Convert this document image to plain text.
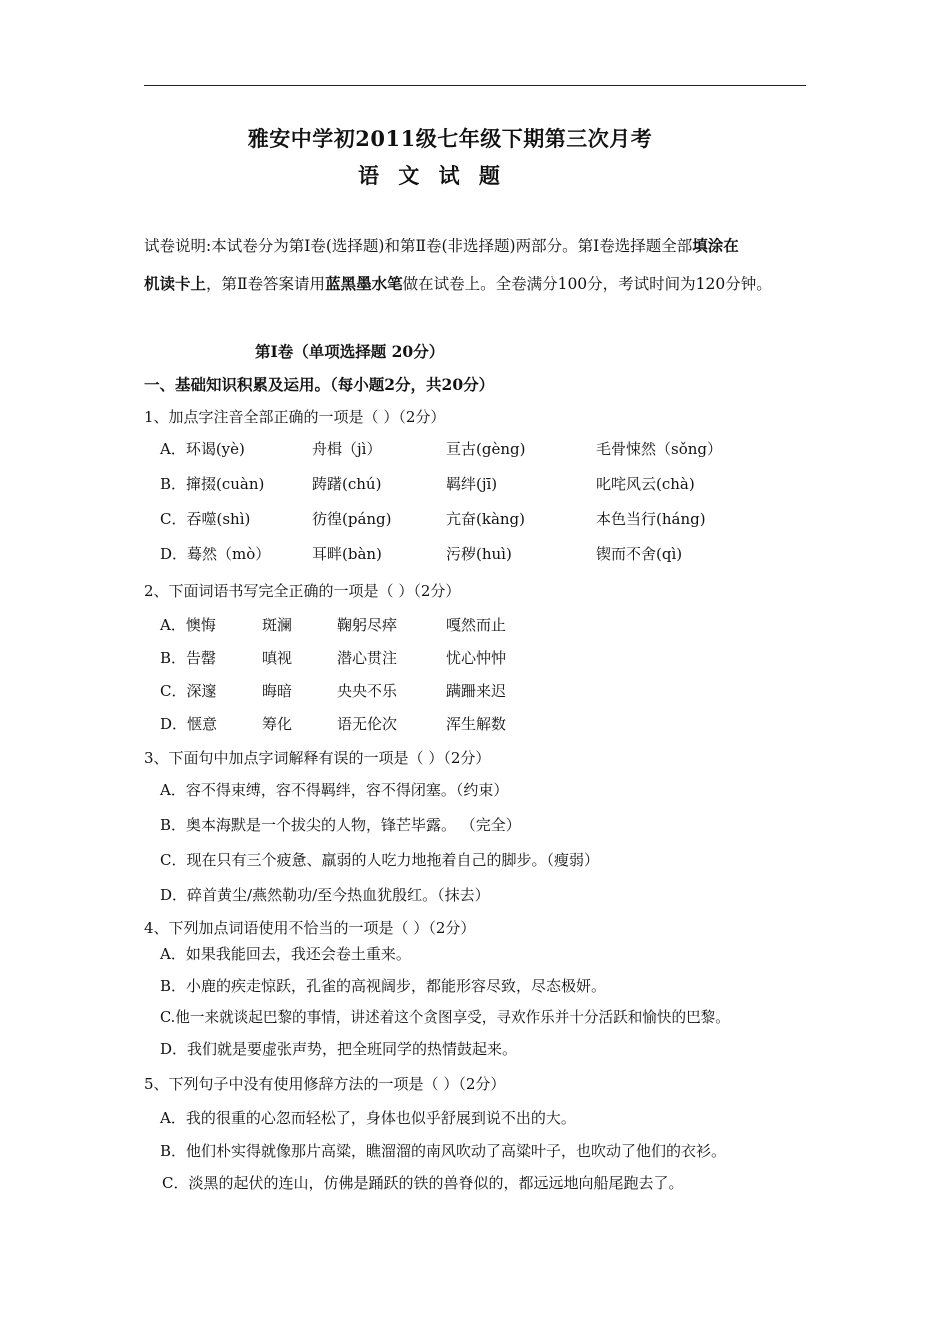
雅安中学初2011级七年级下期第三次月考
语 文 试 题
试卷说明:本试卷分为第Ⅰ卷(选择题)和第Ⅱ卷(非选择题)两部分。第Ⅰ卷选择题全部填涂在
机读卡上，第Ⅱ卷答案请用蓝黑墨水笔做在试卷上。全卷满分100分，考试时间为120分钟。
第Ⅰ卷（单项选择题 20分）
一、基础知识积累及运用。（每小题2分，共20分）
1、加点字注音全部正确的一项是（ ）（2分）
A．环谒(yè)	舟楫（jì）	亘古(gèng)	毛骨悚然（sǒng）
B．撺掇(cuàn)	踌躇(chú)	羁绊(jī)	叱咤风云(chà)
C．吞噬(shì)	彷徨(páng)	亢奋(kàng)	本色当行(háng)
D．蓦然（mò）	耳畔(bàn)	污秽(huì)	锲而不舍(qì)
2、下面词语书写完全正确的一项是（ ）（2分）
A．懊悔	斑澜	鞠躬尽瘁	嘎然而止
B．告罄	嗔视	潜心贯注	忧心忡忡
C．深邃	晦暗	央央不乐	蹒跚来迟
D．惬意	筹化	语无伦次	浑生解数
3、下面句中加点字词解释有误的一项是（ ）（2分）
A．容不得束缚，容不得羁绊，容不得闭塞。（约束）
B．奥本海默是一个拔尖的人物，锋芒毕露。 （完全）
C．现在只有三个疲惫、羸弱的人吃力地拖着自己的脚步。（瘦弱）
D．碎首黄尘/燕然勒功/至今热血犹殷红。（抹去）
4、下列加点词语使用不恰当的一项是（ ）（2分）
A．如果我能回去，我还会卷土重来。
B．小鹿的疾走惊跃，孔雀的高视阔步，都能形容尽致，尽态极妍。
C.他一来就谈起巴黎的事情，讲述着这个贪图享受，寻欢作乐并十分活跃和愉快的巴黎。
D．我们就是要虚张声势，把全班同学的热情鼓起来。
5、下列句子中没有使用修辞方法的一项是（ ）（2分）
A．我的很重的心忽而轻松了，身体也似乎舒展到说不出的大。
B．他们朴实得就像那片高粱，瞧溜溜的南风吹动了高粱叶子，也吹动了他们的衣衫。
C．淡黑的起伏的连山，仿佛是踊跃的铁的兽脊似的，都远远地向船尾跑去了。
